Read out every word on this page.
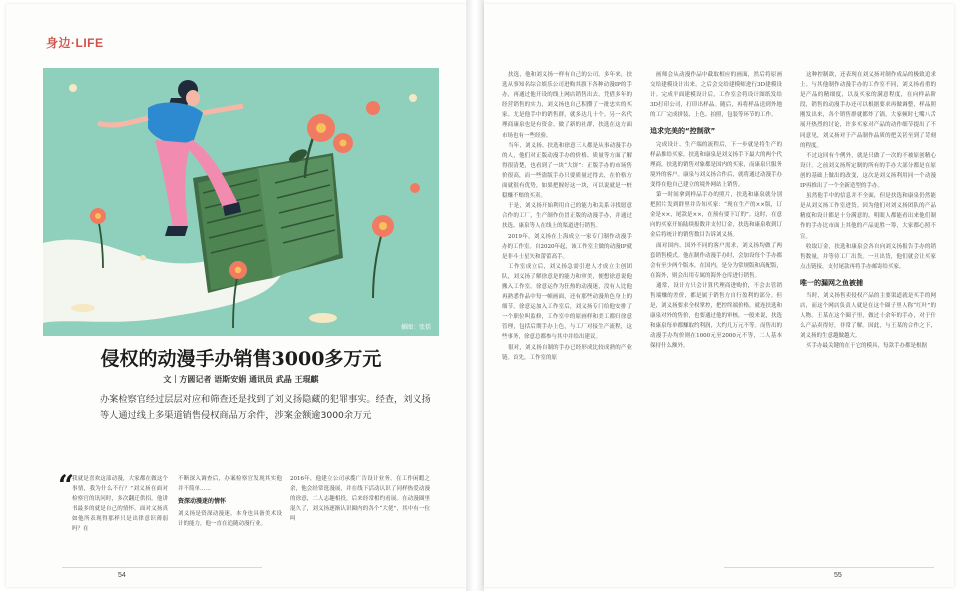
身边·LIFE
插图：张恬
侵权的动漫手办销售3000多万元
文｜方圆记者 语斯安娟 通讯员 武晶 王琨麒
办案检察官经过层层对应和筛查还是找到了刘义扬隐藏的犯罪事实。经查，刘义扬等人通过线上多渠道销售侵权商品万余件，涉案金额逾3000余万元
“

我就是喜欢这部动漫，大家都在做这个事情，我为什么不行？”刘义扬在面对检察官的讯问时，多次翻迁供招，他讲书最多的就是自己的情怀。面对义扬真如他所表现得那样只是出律意识薄弱吗？在

不断深入调查后，办案检察官发现其实他并不简单……

资深动漫迷的情怀

刘义扬是资深动漫迷，本身也具备美术设计的能力，他一直在追随动漫行业。

2016年，他建立公司承揽广告设计业务。在工作闲暇之余，他会经常逛漫展，并在线下活动认识了同样热爱动漫的徐意，二人志趣相投，后来经常相约看展。在动漫圈里混久了，刘义扬逐渐认识圈内的各个“大佬”，其中有一位叫

54

扶选，他和刘义扬一样有自己的公司。多年来，扶选从事知名综合娱乐公司进购其旗下各种动漫IP的手办，再通过他开设的线上网店销售出去。凭借多年的经营销售的实力，刘义扬也自己积攒了一批忠实的买家。尤是他手中的销售群，就多达几十个。另一名代理商康泉也是有资金、做了新的社群，扶选在这方面市场也有一些经验。

当年，刘义扬、扶选和徐意三人都是从事动漫手办的人，他们对正版动漫手办的价格、质量等方面了解得很清楚，也看到了一块“大饼”：正版手办的市场售价很高，而一些盗版手办只要质量过得去，在价格方面就很有优势，如果把握好这一块，可以说就是一桩稳赚不赔的买卖。

于是，刘义扬开始利用自己的能力和关系寻找愿意合作的工厂，生产制作仿冒正版的动漫手办，并通过扶选、康泉等人在线上的渠道进行销售。

2019年，刘义扬在上海成立一家专门制作动漫手办的工作室。自2020年起，该工作室主做的动漫IP就是非斗士星矢和蕾蕾高手。

工作室成立后，刘义扬急需引进人才成立主创团队，刘义扬了解徐意是的能力和审美，便想徐意说他搬入工作室。徐意运作为狂热的动漫迷，没有人比他再熟悉作品中每一帧画面，还有那些动漫角色身上的细节。徐意运加入工作室后，刘义扬专门给他安排了一个职位叫监修，工作室中的原画样和美工都归徐意管理，包括后期手办上色，与工厂对接生产流程，这些事务，徐意总都参与其中并给出建议。

很对，刘义扬自制的手办已经形成比较成熟的产业链。首先，工作室的原

画师会从动漫作品中截取相应的画面，然后将原画交给建模设计出来，之后会交给建模师进行3D建模设计。完成平面建模设计后，工作室会将设计图纸发给3D打印公司，打印出样品。随后，再将样品送到外地的工厂完成拼装、上色、拍照，包装等环节的工作。

追求完美的“控制欲”

完成设计、生产端的流程后，下一步就是将生产的样品推给买家。扶选和康泉是刘义扬手下最大的两个代理商，扶选的销售对象都是国内的买家，而康泉只服务境外的客户。康泉与刘义扬合作后，就将通过动漫手办变得在他自己建立的境外网站上销售。

第一时间拿到样品手办的照片，扶选和康泉就分别把照片发到群里并告知买家：“现在生产的××版，订金是××，尾款是××，在预有要下订的”。这时，在意向的买家开始陆续报数并支付订金，扶选和康泉收到订金后将统计的销售数目告诉刘义扬。

面对国内、国外不同的客户需求，刘义扬均做了两套销售模式。他在制作动漫手办时，会加设每个手办都会有至少两个版本，在国内，是分为常规版和高配版，在海外，则会出用专属的海外仓库进行销售。

通常，设计方只会计算代理商进购价，不会去管销售端赚的差价，都是属于销售方自行盈利的部分。但是，刘义扬要求全权掌控，把控终端价格。就连扶选和康泉对外的售价，也要通过他的审核。一般来说，扶选和康泉每单都赚取约利润，大约几万元不等。而售出的动漫手办均价则在1000元至2000元不等，二人基本保持什么额外。

这种控制欲，还表现在刘义扬对制作成品的极致追求上。与其他制作动漫手办的工作室不同，刘义扬看重的是产品的精细度，以及买家的满意程度，在向样品阶段，销售的动漫手办还可以根据要求再做调整，样品照刚发出来，各个销售群就都炸了锅，大家顿时七嘴八舌展开热烈的讨论，许多买家对产品的动作细节提出了不同意见，刘义扬对于产品制作品质的把关甚至到了苛刻的程度。

不过这回有个例外，就是只做了一次的不被原创精心设计。之前刘义扬所定制的所有的手办大部分都是在原创的基础上做出的改变，这次是刘义扬利用同一个动漫IP再推出了一个全新造型的手办。

虽然他手中的信息并不全面，但是扶选和康泉仍然能是从刘义扬工作室进货。因为他们对刘义扬团队的产品精度和设计都是十分满意的，明眼人都能看出来他们制作的手办比市面上其他的产品更胜一筹，大家都心照不宣。

收取订金，扶选和康泉会各自向刘义扬报告手办的销售数量，并等待工厂出货。一旦出货，他们就会让买家点击链接，支付尾款再将手办邮寄给买家。

唯一的漏网之鱼被捕

当时，刘义扬售卖侵权产品的主要渠道就是买手的网店，而这个网店负责人就是在这个圈子里人称“红叶”的人物。王某在这个圈子里，做过十余年的手办，对于什么产品卖得好，非常了解。因此，与王某的合作之下，刘义扬的生意越做越大。

买手办最关键的在于它的模具，每款手办都是根据

55
